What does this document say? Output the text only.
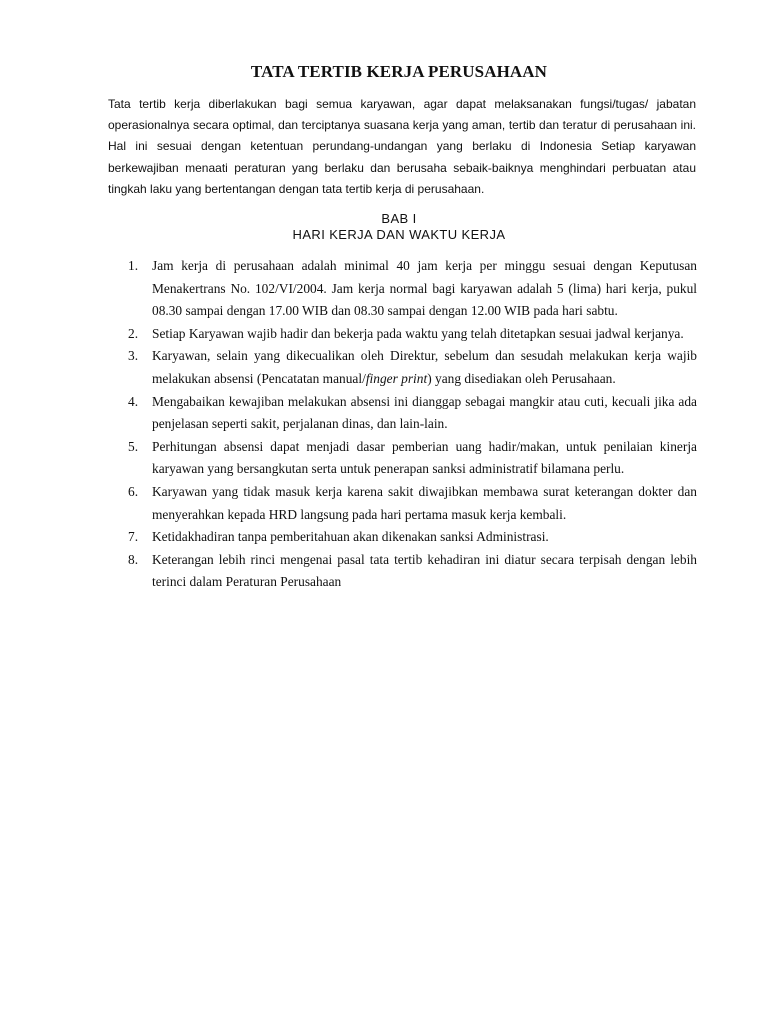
TATA TERTIB KERJA PERUSAHAAN

Tata tertib kerja diberlakukan bagi semua karyawan, agar dapat melaksanakan fungsi/tugas/ jabatan operasionalnya secara optimal, dan terciptanya suasana kerja yang aman, tertib dan teratur di perusahaan ini. Hal ini sesuai dengan ketentuan perundang-undangan yang berlaku di Indonesia Setiap karyawan berkewajiban menaati peraturan yang berlaku dan berusaha sebaik-baiknya menghindari perbuatan atau tingkah laku yang bertentangan dengan tata tertib kerja di perusahaan.

BAB I
HARI KERJA DAN WAKTU KERJA
1. Jam kerja di perusahaan adalah minimal 40 jam kerja per minggu sesuai dengan Keputusan Menakertrans No. 102/VI/2004. Jam kerja normal bagi karyawan adalah 5 (lima) hari kerja, pukul 08.30 sampai dengan 17.00 WIB dan 08.30 sampai dengan 12.00 WIB pada hari sabtu.
2. Setiap Karyawan wajib hadir dan bekerja pada waktu yang telah ditetapkan sesuai jadwal kerjanya.
3. Karyawan, selain yang dikecualikan oleh Direktur, sebelum dan sesudah melakukan kerja wajib melakukan absensi (Pencatatan manual/finger print) yang disediakan oleh Perusahaan.
4. Mengabaikan kewajiban melakukan absensi ini dianggap sebagai mangkir atau cuti, kecuali jika ada penjelasan seperti sakit, perjalanan dinas, dan lain-lain.
5. Perhitungan absensi dapat menjadi dasar pemberian uang hadir/makan, untuk penilaian kinerja karyawan yang bersangkutan serta untuk penerapan sanksi administratif bilamana perlu.
6. Karyawan yang tidak masuk kerja karena sakit diwajibkan membawa surat keterangan dokter dan menyerahkan kepada HRD langsung pada hari pertama masuk kerja kembali.
7. Ketidakhadiran tanpa pemberitahuan akan dikenakan sanksi Administrasi.
8. Keterangan lebih rinci mengenai pasal tata tertib kehadiran ini diatur secara terpisah dengan lebih terinci dalam Peraturan Perusahaan
